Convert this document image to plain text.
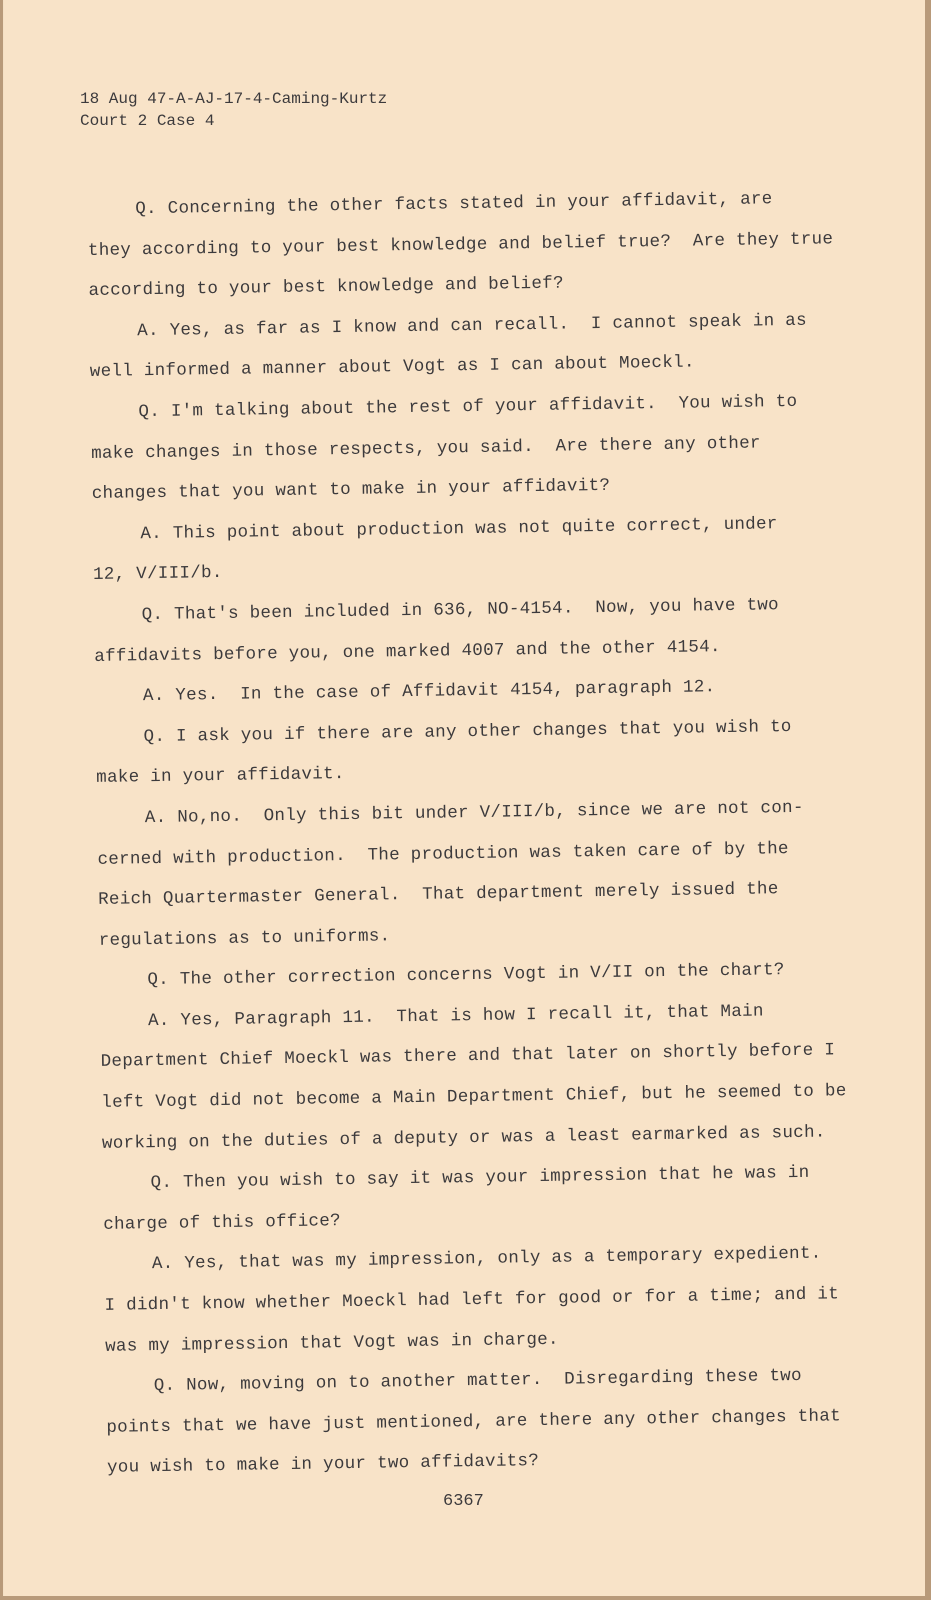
18 Aug 47-A-AJ-17-4-Caming-Kurtz
Court 2 Case 4
Q. Concerning the other facts stated in your affidavit, are
they according to your best knowledge and belief true?  Are they true
according to your best knowledge and belief?
A. Yes, as far as I know and can recall.  I cannot speak in as
well informed a manner about Vogt as I can about Moeckl.
Q. I'm talking about the rest of your affidavit.  You wish to
make changes in those respects, you said.  Are there any other
changes that you want to make in your affidavit?
A. This point about production was not quite correct, under
12, V/III/b.
Q. That's been included in 636, NO-4154.  Now, you have two
affidavits before you, one marked 4007 and the other 4154.
A. Yes.  In the case of Affidavit 4154, paragraph 12.
Q. I ask you if there are any other changes that you wish to
make in your affidavit.
A. No,no.  Only this bit under V/III/b, since we are not con-
cerned with production.  The production was taken care of by the
Reich Quartermaster General.  That department merely issued the
regulations as to uniforms.
Q. The other correction concerns Vogt in V/II on the chart?
A. Yes, Paragraph 11.  That is how I recall it, that Main
Department Chief Moeckl was there and that later on shortly before I
left Vogt did not become a Main Department Chief, but he seemed to be
working on the duties of a deputy or was a least earmarked as such.
Q. Then you wish to say it was your impression that he was in
charge of this office?
A. Yes, that was my impression, only as a temporary expedient.
I didn't know whether Moeckl had left for good or for a time; and it
was my impression that Vogt was in charge.
Q. Now, moving on to another matter.  Disregarding these two
points that we have just mentioned, are there any other changes that
you wish to make in your two affidavits?
6367
